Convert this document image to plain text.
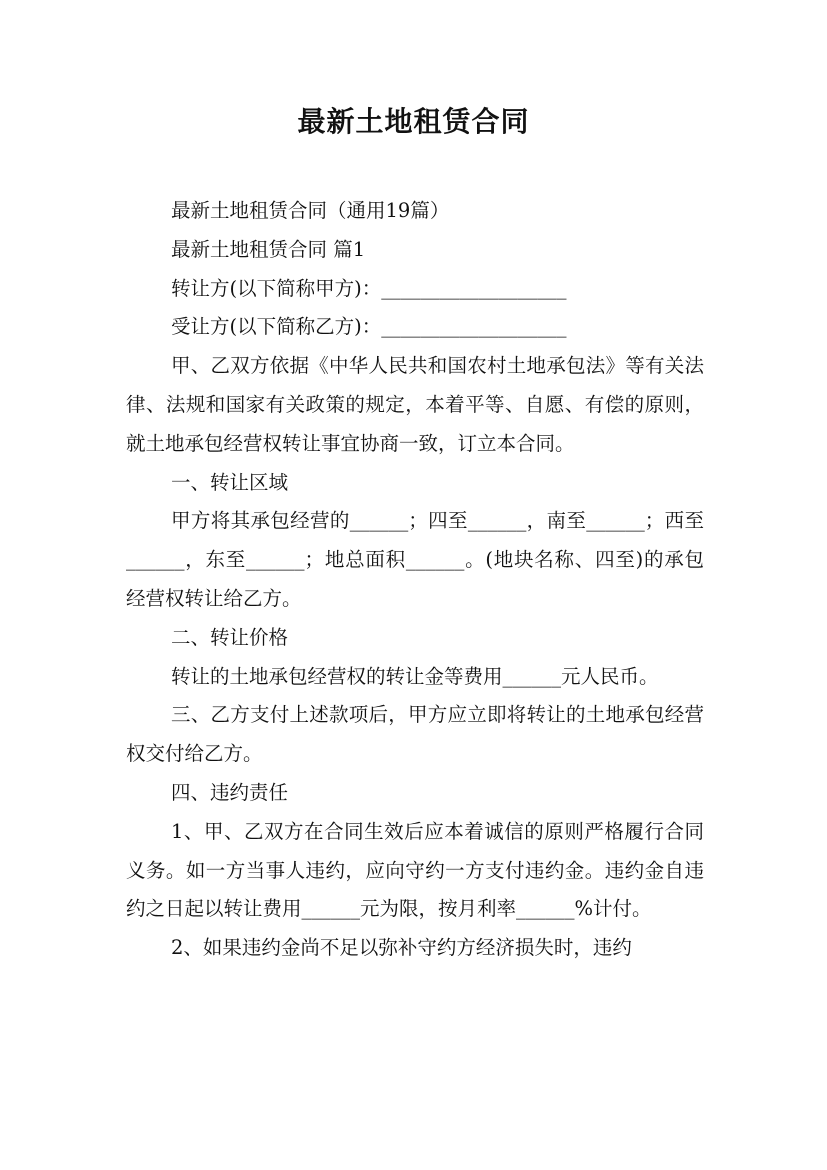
最新土地租赁合同

最新土地租赁合同（通用19篇）

最新土地租赁合同 篇1

转让方(以下简称甲方)：___________________

受让方(以下简称乙方)：___________________

甲、乙双方依据《中华人民共和国农村土地承包法》等有关法律、法规和国家有关政策的规定，本着平等、自愿、有偿的原则，就土地承包经营权转让事宜协商一致，订立本合同。

一、转让区域

甲方将其承包经营的______；四至______，南至______；西至______，东至______；地总面积______。(地块名称、四至)的承包经营权转让给乙方。

二、转让价格

转让的土地承包经营权的转让金等费用______元人民币。

三、乙方支付上述款项后，甲方应立即将转让的土地承包经营权交付给乙方。

四、违约责任

1、甲、乙双方在合同生效后应本着诚信的原则严格履行合同义务。如一方当事人违约，应向守约一方支付违约金。违约金自违约之日起以转让费用______元为限，按月利率______%计付。

2、如果违约金尚不足以弥补守约方经济损失时，违约
